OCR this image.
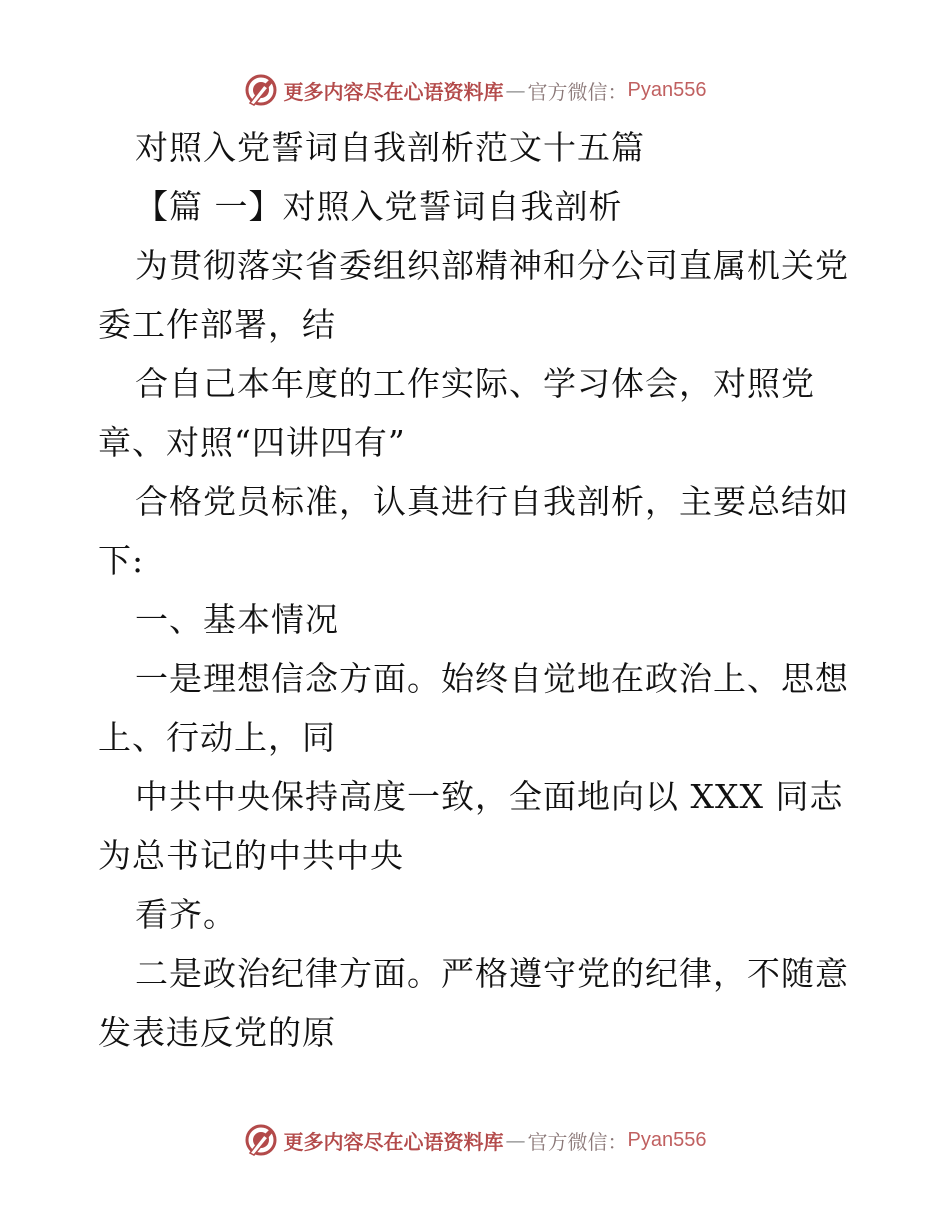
更多内容尽在心语资料库 — 官方微信： Pyan556
对照入党誓词自我剖析范文十五篇
【篇 一】对照入党誓词自我剖析
为贯彻落实省委组织部精神和分公司直属机关党
委工作部署，结
合自己本年度的工作实际、学习体会，对照党
章、对照“四讲四有”
合格党员标准，认真进行自我剖析，主要总结如
下:
一、基本情况
一是理想信念方面。始终自觉地在政治上、思想
上、行动上，同
中共中央保持高度一致，全面地向以 XXX 同志
为总书记的中共中央
看齐。
二是政治纪律方面。严格遵守党的纪律，不随意
发表违反党的原
更多内容尽在心语资料库 — 官方微信： Pyan556
